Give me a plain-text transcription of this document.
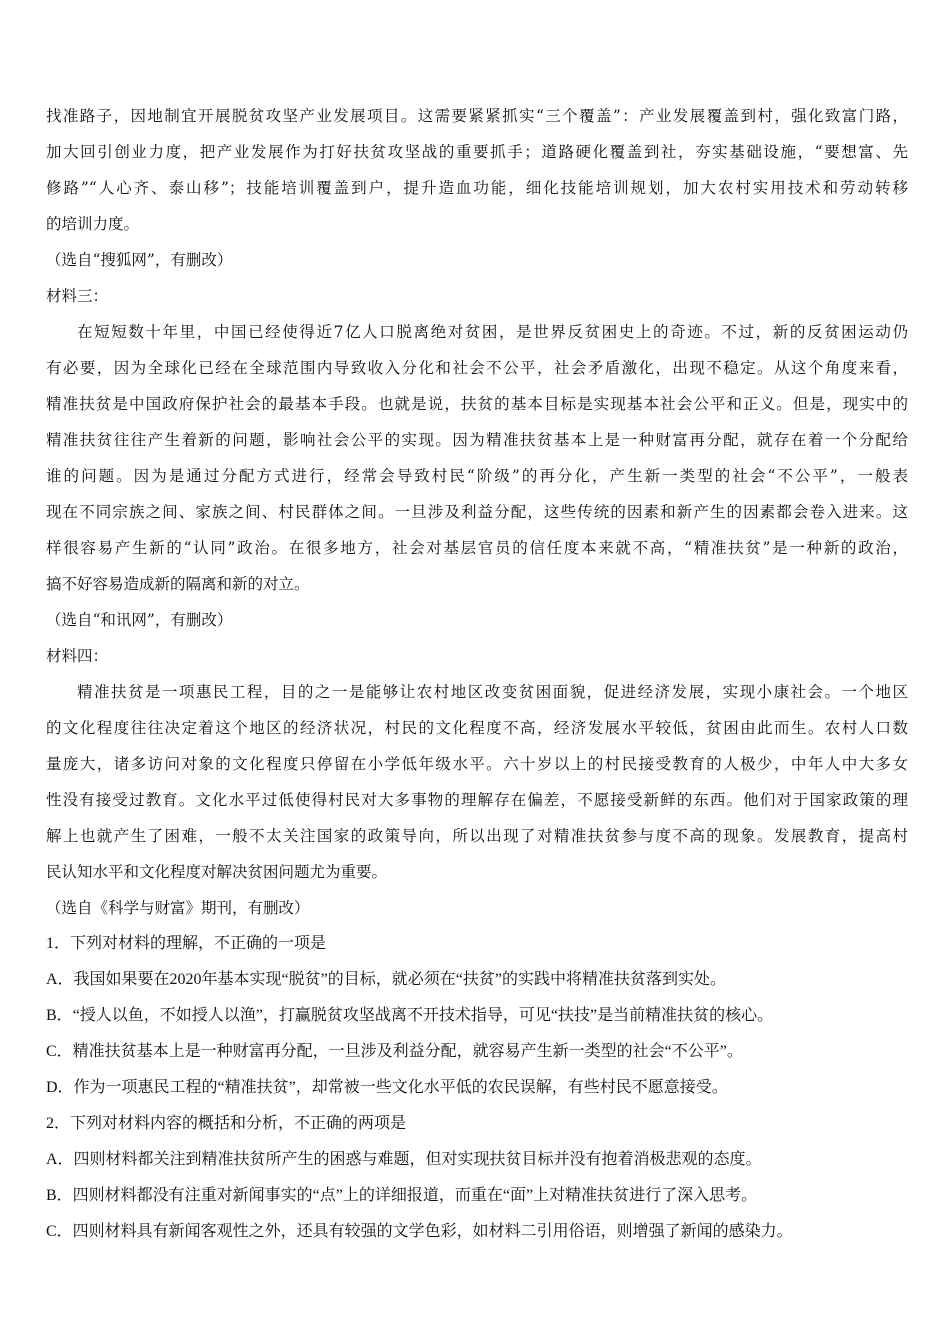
找准路子，因地制宜开展脱贫攻坚产业发展项目。这需要紧紧抓实“三个覆盖”：产业发展覆盖到村，强化致富门路，
加大回引创业力度，把产业发展作为打好扶贫攻坚战的重要抓手；道路硬化覆盖到社，夯实基础设施，“要想富、先
修路”“人心齐、泰山移”；技能培训覆盖到户，提升造血功能，细化技能培训规划，加大农村实用技术和劳动转移
的培训力度。
（选自“搜狐网”，有删改）
材料三：
在短短数十年里，中国已经使得近7亿人口脱离绝对贫困，是世界反贫困史上的奇迹。不过，新的反贫困运动仍
有必要，因为全球化已经在全球范围内导致收入分化和社会不公平，社会矛盾激化，出现不稳定。从这个角度来看，
精准扶贫是中国政府保护社会的最基本手段。也就是说，扶贫的基本目标是实现基本社会公平和正义。但是，现实中的
精准扶贫往往产生着新的问题，影响社会公平的实现。因为精准扶贫基本上是一种财富再分配，就存在着一个分配给
谁的问题。因为是通过分配方式进行，经常会导致村民“阶级”的再分化，产生新一类型的社会“不公平”，一般表
现在不同宗族之间、家族之间、村民群体之间。一旦涉及利益分配，这些传统的因素和新产生的因素都会卷入进来。这
样很容易产生新的“认同”政治。在很多地方，社会对基层官员的信任度本来就不高，“精准扶贫”是一种新的政治，
搞不好容易造成新的隔离和新的对立。
（选自“和讯网”，有删改）
材料四：
精准扶贫是一项惠民工程，目的之一是能够让农村地区改变贫困面貌，促进经济发展，实现小康社会。一个地区
的文化程度往往决定着这个地区的经济状况，村民的文化程度不高，经济发展水平较低，贫困由此而生。农村人口数
量庞大，诸多访问对象的文化程度只停留在小学低年级水平。六十岁以上的村民接受教育的人极少，中年人中大多女
性没有接受过教育。文化水平过低使得村民对大多事物的理解存在偏差，不愿接受新鲜的东西。他们对于国家政策的理
解上也就产生了困难，一般不太关注国家的政策导向，所以出现了对精准扶贫参与度不高的现象。发展教育，提高村
民认知水平和文化程度对解决贫困问题尤为重要。
（选自《科学与财富》期刊，有删改）
1．下列对材料的理解，不正确的一项是
A．我国如果要在2020年基本实现“脱贫”的目标，就必须在“扶贫”的实践中将精准扶贫落到实处。
B．“授人以鱼，不如授人以渔”，打赢脱贫攻坚战离不开技术指导，可见“扶技”是当前精准扶贫的核心。
C．精准扶贫基本上是一种财富再分配，一旦涉及利益分配，就容易产生新一类型的社会“不公平”。
D．作为一项惠民工程的“精准扶贫”，却常被一些文化水平低的农民误解，有些村民不愿意接受。
2．下列对材料内容的概括和分析，不正确的两项是
A．四则材料都关注到精准扶贫所产生的困惑与难题，但对实现扶贫目标并没有抱着消极悲观的态度。
B．四则材料都没有注重对新闻事实的“点”上的详细报道，而重在“面”上对精准扶贫进行了深入思考。
C．四则材料具有新闻客观性之外，还具有较强的文学色彩，如材料二引用俗语，则增强了新闻的感染力。
